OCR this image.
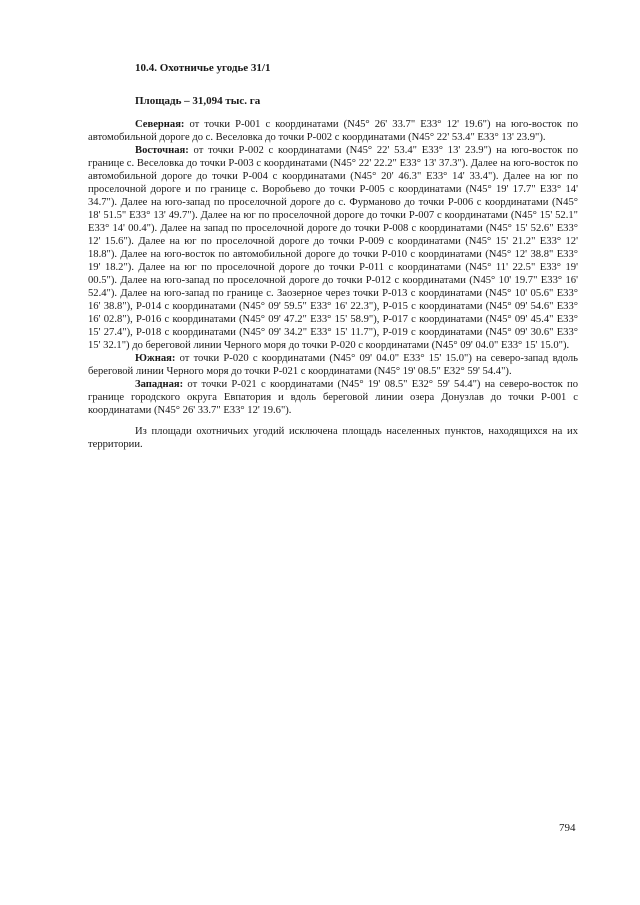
10.4. Охотничье угодье 31/1
Площадь – 31,094 тыс. га

Северная: от точки Р-001 с координатами (N45° 26' 33.7" E33° 12' 19.6") на юго-восток по автомобильной дороге до с. Веселовка до точки Р-002 с координатами (N45° 22' 53.4" E33° 13' 23.9").

Восточная: от точки Р-002 с координатами (N45° 22' 53.4" E33° 13' 23.9") на юго-восток по границе с. Веселовка до точки Р-003 с координатами (N45° 22' 22.2" E33° 13' 37.3"). Далее на юго-восток по автомобильной дороге до точки Р-004 с координатами (N45° 20' 46.3" E33° 14' 33.4"). Далее на юг по проселочной дороге и по границе с. Воробьево до точки Р-005 с координатами (N45° 19' 17.7" E33° 14' 34.7"). Далее на юго-запад по проселочной дороге до с. Фурманово до точки Р-006 с координатами (N45° 18' 51.5" E33° 13' 49.7"). Далее на юг по проселочной дороге до точки Р-007 с координатами (N45° 15' 52.1" E33° 14' 00.4"). Далее на запад по проселочной дороге до точки Р-008 с координатами (N45° 15' 52.6" E33° 12' 15.6"). Далее на юг по проселочной дороге до точки Р-009 с координатами (N45° 15' 21.2" E33° 12' 18.8"). Далее на юго-восток по автомобильной дороге до точки Р-010 с координатами (N45° 12' 38.8" E33° 19' 18.2"). Далее на юг по проселочной дороге до точки Р-011 с координатами (N45° 11' 22.5" E33° 19' 00.5"). Далее на юго-запад по проселочной дороге до точки Р-012 с координатами (N45° 10' 19.7" E33° 16' 52.4"). Далее на юго-запад по границе с. Заозерное через точки Р-013 с координатами (N45° 10' 05.6" E33° 16' 38.8"), Р-014 с координатами (N45° 09' 59.5" E33° 16' 22.3"), Р-015 с координатами (N45° 09' 54.6" E33° 16' 02.8"), Р-016 с координатами (N45° 09' 47.2" E33° 15' 58.9"), Р-017 с координатами (N45° 09' 45.4" E33° 15' 27.4"), Р-018 с координатами (N45° 09' 34.2" E33° 15' 11.7"), Р-019 с координатами (N45° 09' 30.6" E33° 15' 32.1") до береговой линии Черного моря до точки Р-020 с координатами (N45° 09' 04.0" E33° 15' 15.0").

Южная: от точки Р-020 с координатами (N45° 09' 04.0" E33° 15' 15.0") на северо-запад вдоль береговой линии Черного моря до точки Р-021 с координатами (N45° 19' 08.5" E32° 59' 54.4").

Западная: от точки Р-021 с координатами (N45° 19' 08.5" E32° 59' 54.4") на северо-восток по границе городского округа Евпатория и вдоль береговой линии озера Донузлав до точки Р-001 с координатами (N45° 26' 33.7" E33° 12' 19.6").

Из площади охотничьих угодий исключена площадь населенных пунктов, находящихся на их территории.

794
